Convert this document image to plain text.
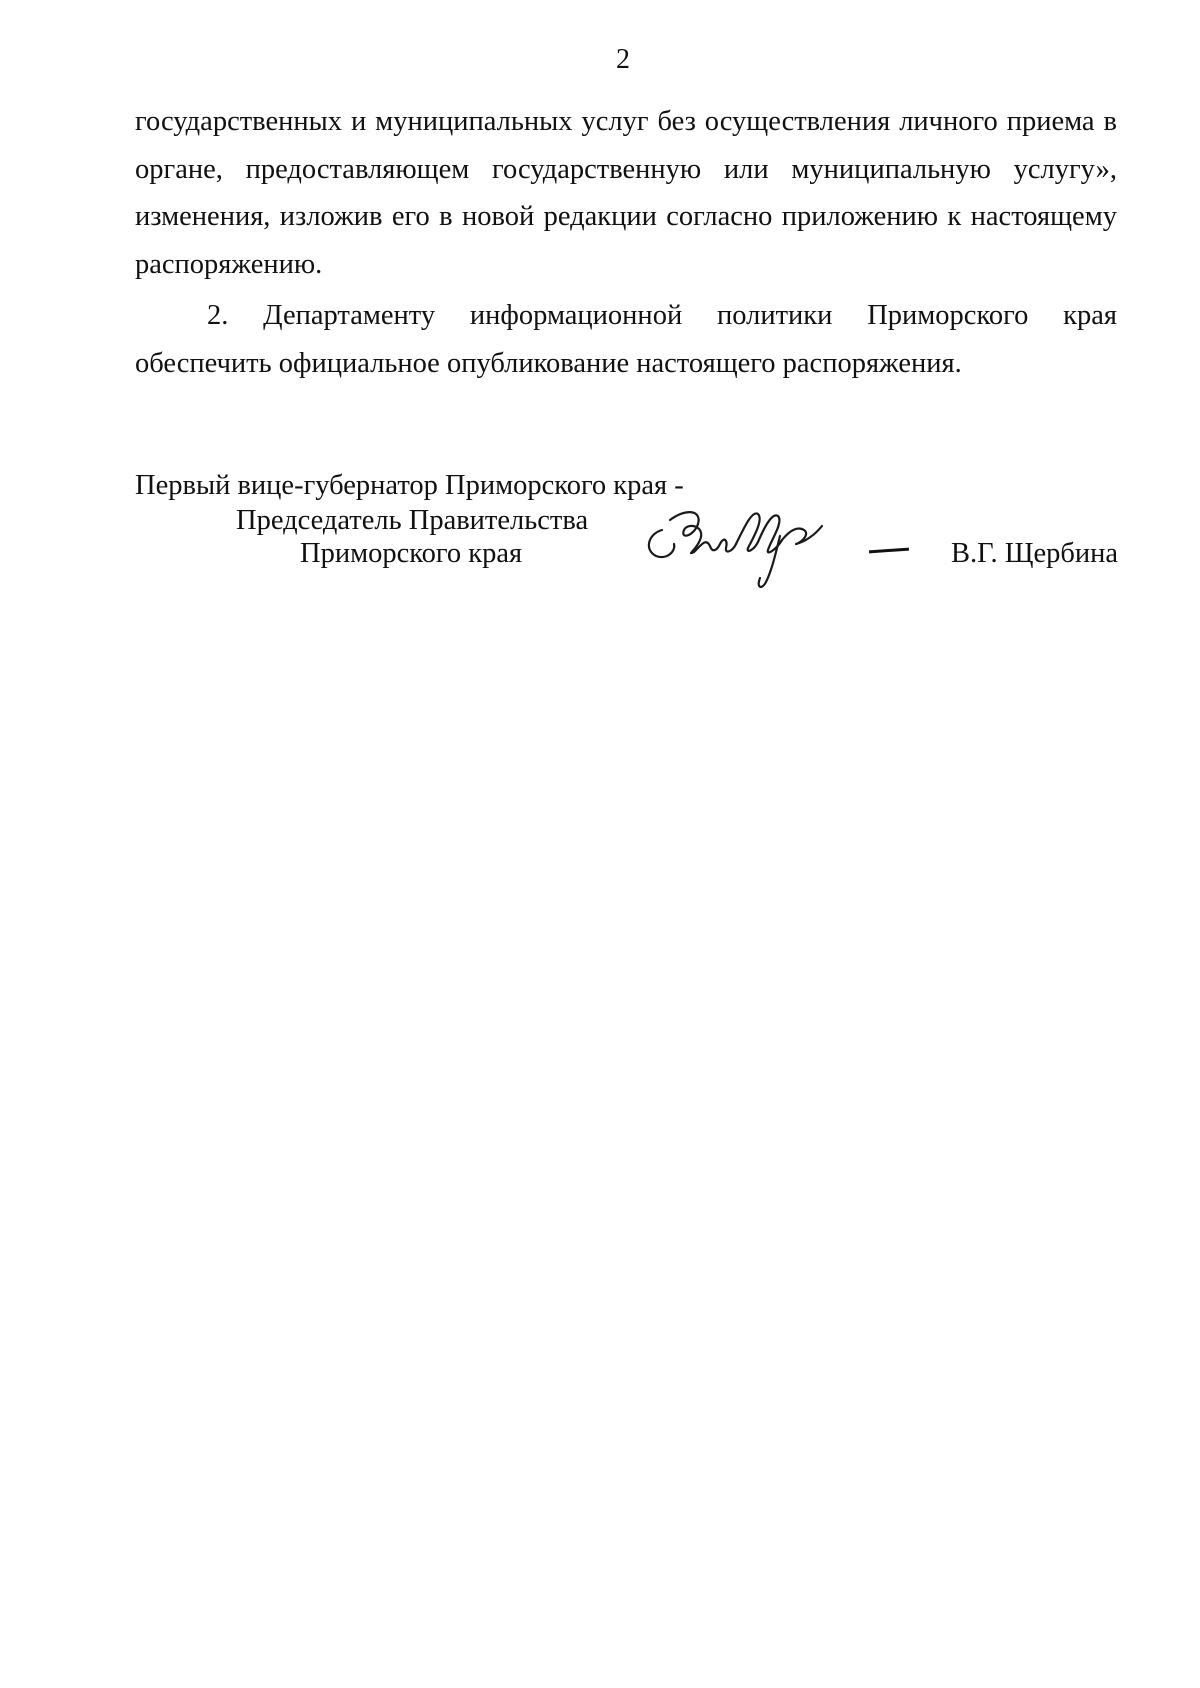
2

государственных и муниципальных услуг без осуществления личного приема в органе, предоставляющем государственную или муниципальную услугу», изменения, изложив его в новой редакции согласно приложению к настоящему распоряжению.

2. Департаменту информационной политики Приморского края обеспечить официальное опубликование настоящего распоряжения.

Первый вице-губернатор Приморского края -
Председатель Правительства
Приморского края	В.Г. Щербина
